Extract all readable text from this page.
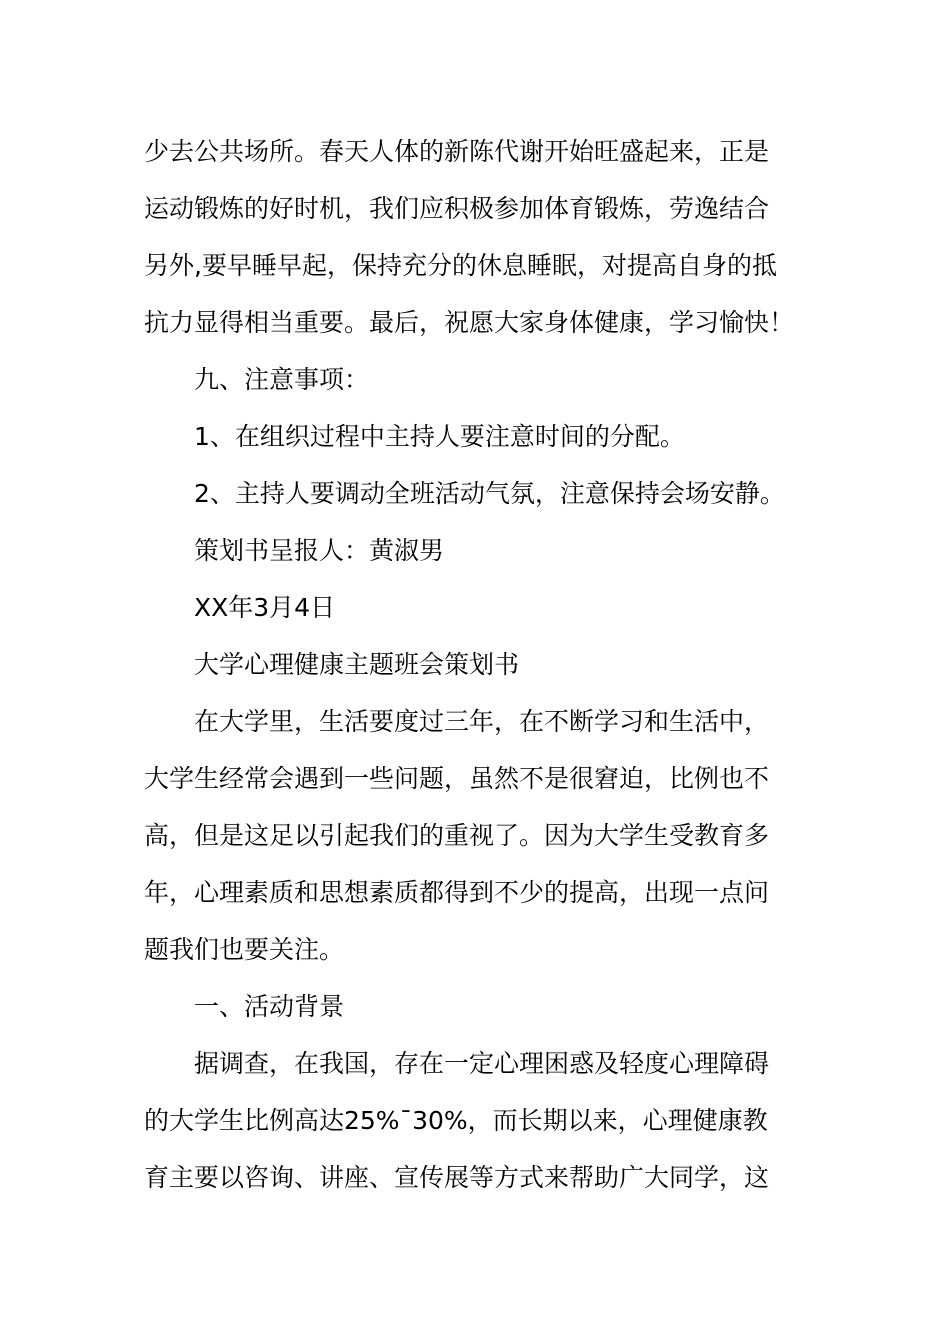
少去公共场所。春天人体的新陈代谢开始旺盛起来，正是
运动锻炼的好时机，我们应积极参加体育锻炼，劳逸结合
另外,要早睡早起，保持充分的休息睡眠，对提高自身的抵
抗力显得相当重要。最后，祝愿大家身体健康，学习愉快！
九、注意事项：
1、在组织过程中主持人要注意时间的分配。
2、主持人要调动全班活动气氛，注意保持会场安静。
策划书呈报人：黄淑男
XX年3月4日
大学心理健康主题班会策划书
在大学里，生活要度过三年，在不断学习和生活中，
大学生经常会遇到一些问题，虽然不是很窘迫，比例也不
高，但是这足以引起我们的重视了。因为大学生受教育多
年，心理素质和思想素质都得到不少的提高，出现一点问
题我们也要关注。
一、活动背景
据调查，在我国，存在一定心理困惑及轻度心理障碍
的大学生比例高达25%¯30%，而长期以来，心理健康教
育主要以咨询、讲座、宣传展等方式来帮助广大同学，这
